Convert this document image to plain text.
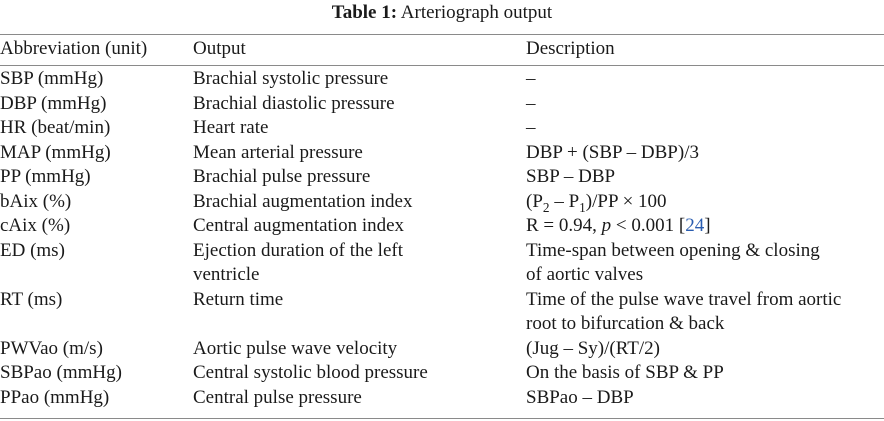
Table 1: Arteriograph output
Abbreviation (unit)	Output	Description
SBP (mmHg)	Brachial systolic pressure	–
DBP (mmHg)	Brachial diastolic pressure	–
HR (beat/min)	Heart rate	–
MAP (mmHg)	Mean arterial pressure	DBP + (SBP – DBP)/3
PP (mmHg)	Brachial pulse pressure	SBP – DBP
bAix (%)	Brachial augmentation index	$(P_2 - P_1)/PP \times 100$
cAix (%)	Central augmentation index	R = 0.94, p < 0.001 [24]
ED (ms)	Ejection duration of the left ventricle	Time-span between opening & closing of aortic valves
RT (ms)	Return time	Time of the pulse wave travel from aortic root to bifurcation & back
PWVao (m/s)	Aortic pulse wave velocity	(Jug – Sy)/(RT/2)
SBPao (mmHg)	Central systolic blood pressure	On the basis of SBP & PP
PPao (mmHg)	Central pulse pressure	SBPao – DBP
